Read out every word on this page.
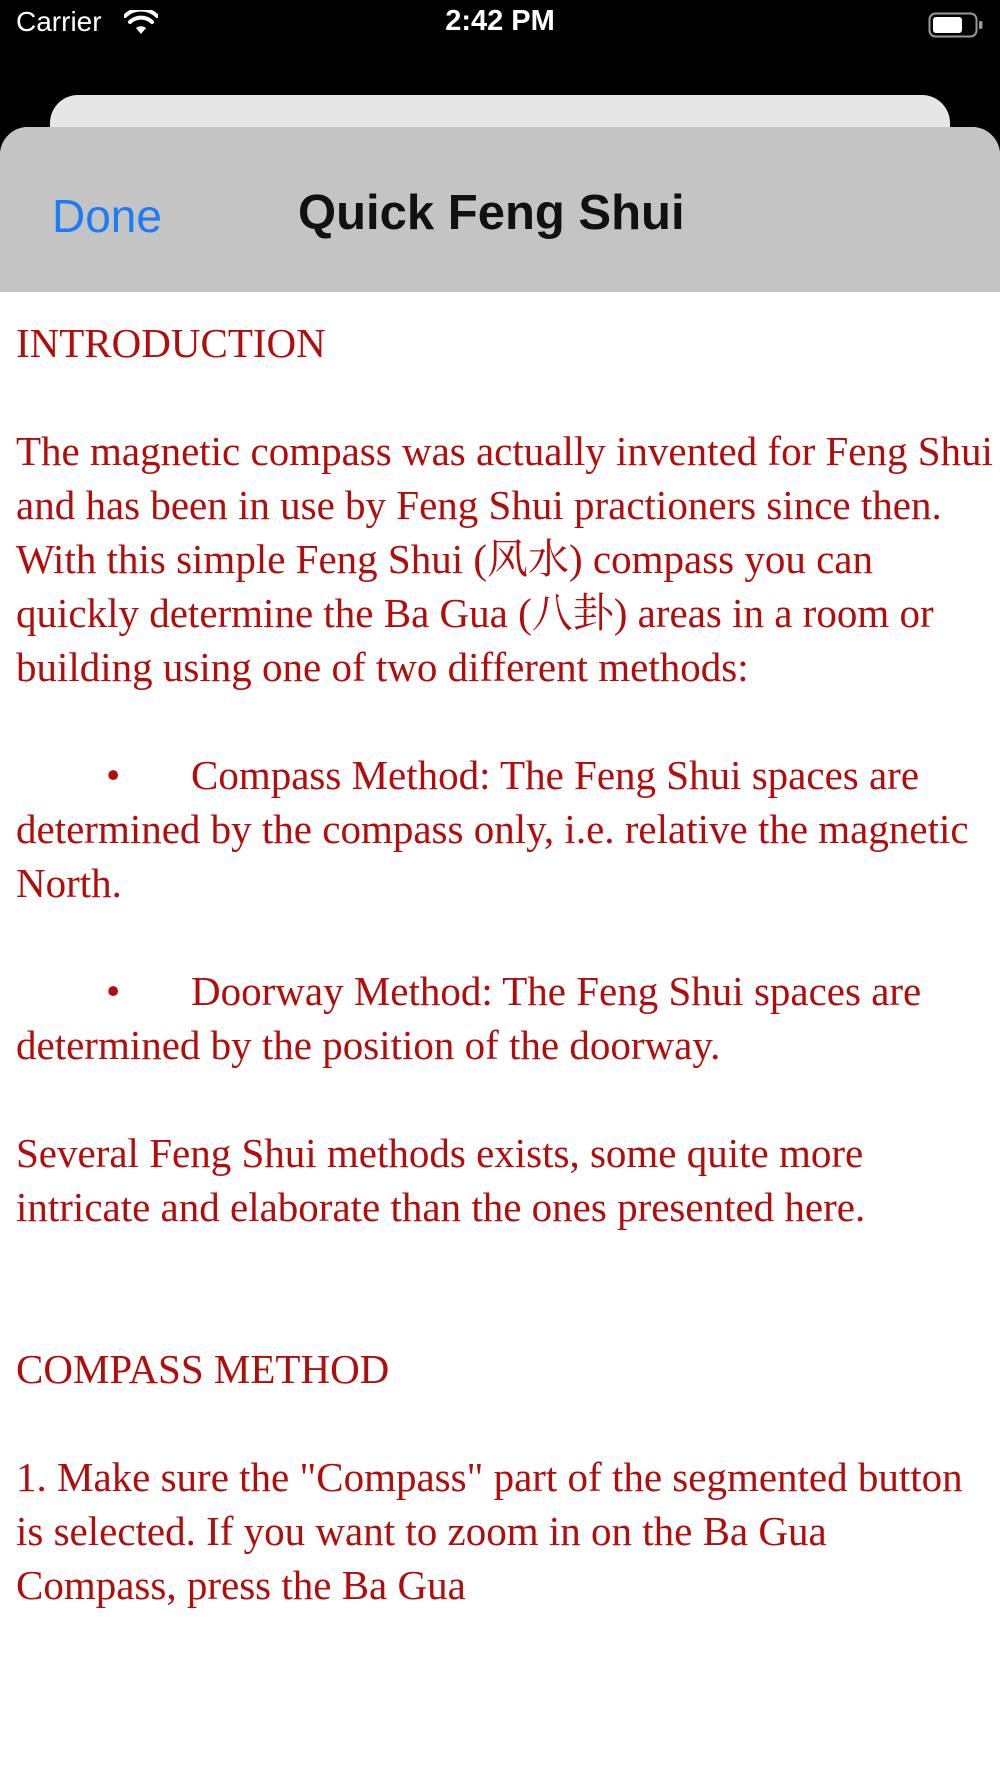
Carrier	2:42 PM
Done	Quick Feng Shui

INTRODUCTION

The magnetic compass was actually invented for Feng Shui and has been in use by Feng Shui practioners since then. With this simple Feng Shui (风水) compass you can quickly determine the Ba Gua (八卦) areas in a room or building using one of two different methods:

• Compass Method: The Feng Shui spaces are determined by the compass only, i.e. relative the magnetic North.

• Doorway Method: The Feng Shui spaces are determined by the position of the doorway.

Several Feng Shui methods exists, some quite more intricate and elaborate than the ones presented here.

COMPASS METHOD

1. Make sure the "Compass" part of the segmented button is selected. If you want to zoom in on the Ba Gua Compass, press the Ba Gua
